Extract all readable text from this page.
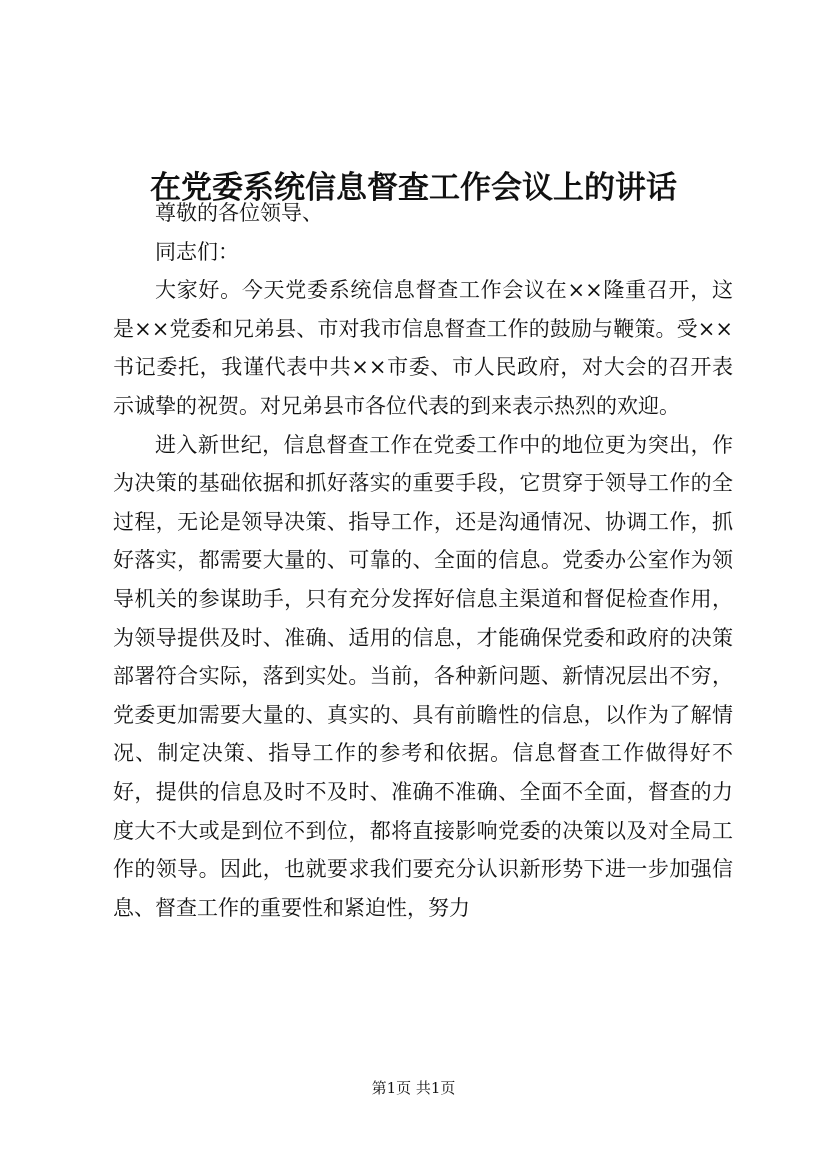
在党委系统信息督查工作会议上的讲话

尊敬的各位领导、

同志们：

大家好。今天党委系统信息督查工作会议在××隆重召开，这是××党委和兄弟县、市对我市信息督查工作的鼓励与鞭策。受××书记委托，我谨代表中共××市委、市人民政府，对大会的召开表示诚挚的祝贺。对兄弟县市各位代表的到来表示热烈的欢迎。

进入新世纪，信息督查工作在党委工作中的地位更为突出，作为决策的基础依据和抓好落实的重要手段，它贯穿于领导工作的全过程，无论是领导决策、指导工作，还是沟通情况、协调工作，抓好落实，都需要大量的、可靠的、全面的信息。党委办公室作为领导机关的参谋助手，只有充分发挥好信息主渠道和督促检查作用，为领导提供及时、准确、适用的信息，才能确保党委和政府的决策部署符合实际，落到实处。当前，各种新问题、新情况层出不穷，党委更加需要大量的、真实的、具有前瞻性的信息，以作为了解情况、制定决策、指导工作的参考和依据。信息督查工作做得好不好，提供的信息及时不及时、准确不准确、全面不全面，督查的力度大不大或是到位不到位，都将直接影响党委的决策以及对全局工作的领导。因此，也就要求我们要充分认识新形势下进一步加强信息、督查工作的重要性和紧迫性，努力

第1页 共1页
